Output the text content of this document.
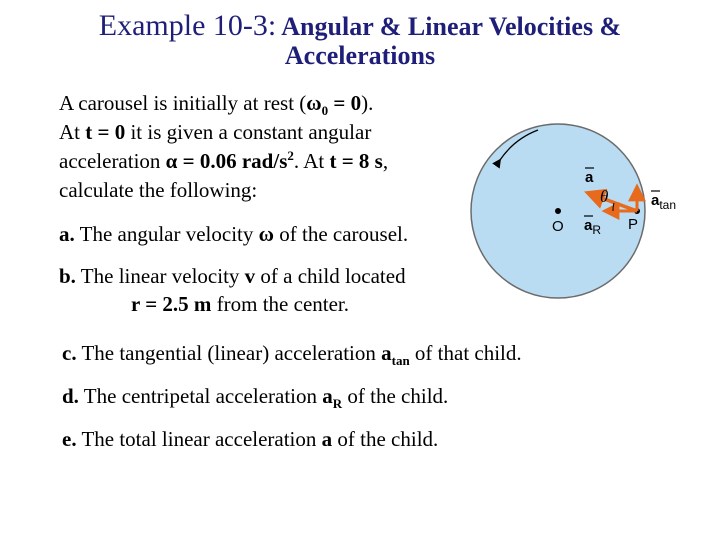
Example 10-3: Angular & Linear Velocities &
Accelerations
A carousel is initially at rest $(\omega_0 = 0)$.
At t = 0 it is given a constant angular acceleration α = 0.06 rad/$s^2$. At t = 8 s, calculate the following:
a. The angular velocity ω of the carousel.
b. The linear velocity v of a child located
r = 2.5 m from the center.
c. The tangential (linear) acceleration $a_{tan}$ of that child.
d. The centripetal acceleration $a_R$ of the child.
e. The total linear acceleration a of the child.
θ
a
$a_{tan}$
$a_R$
O	P
